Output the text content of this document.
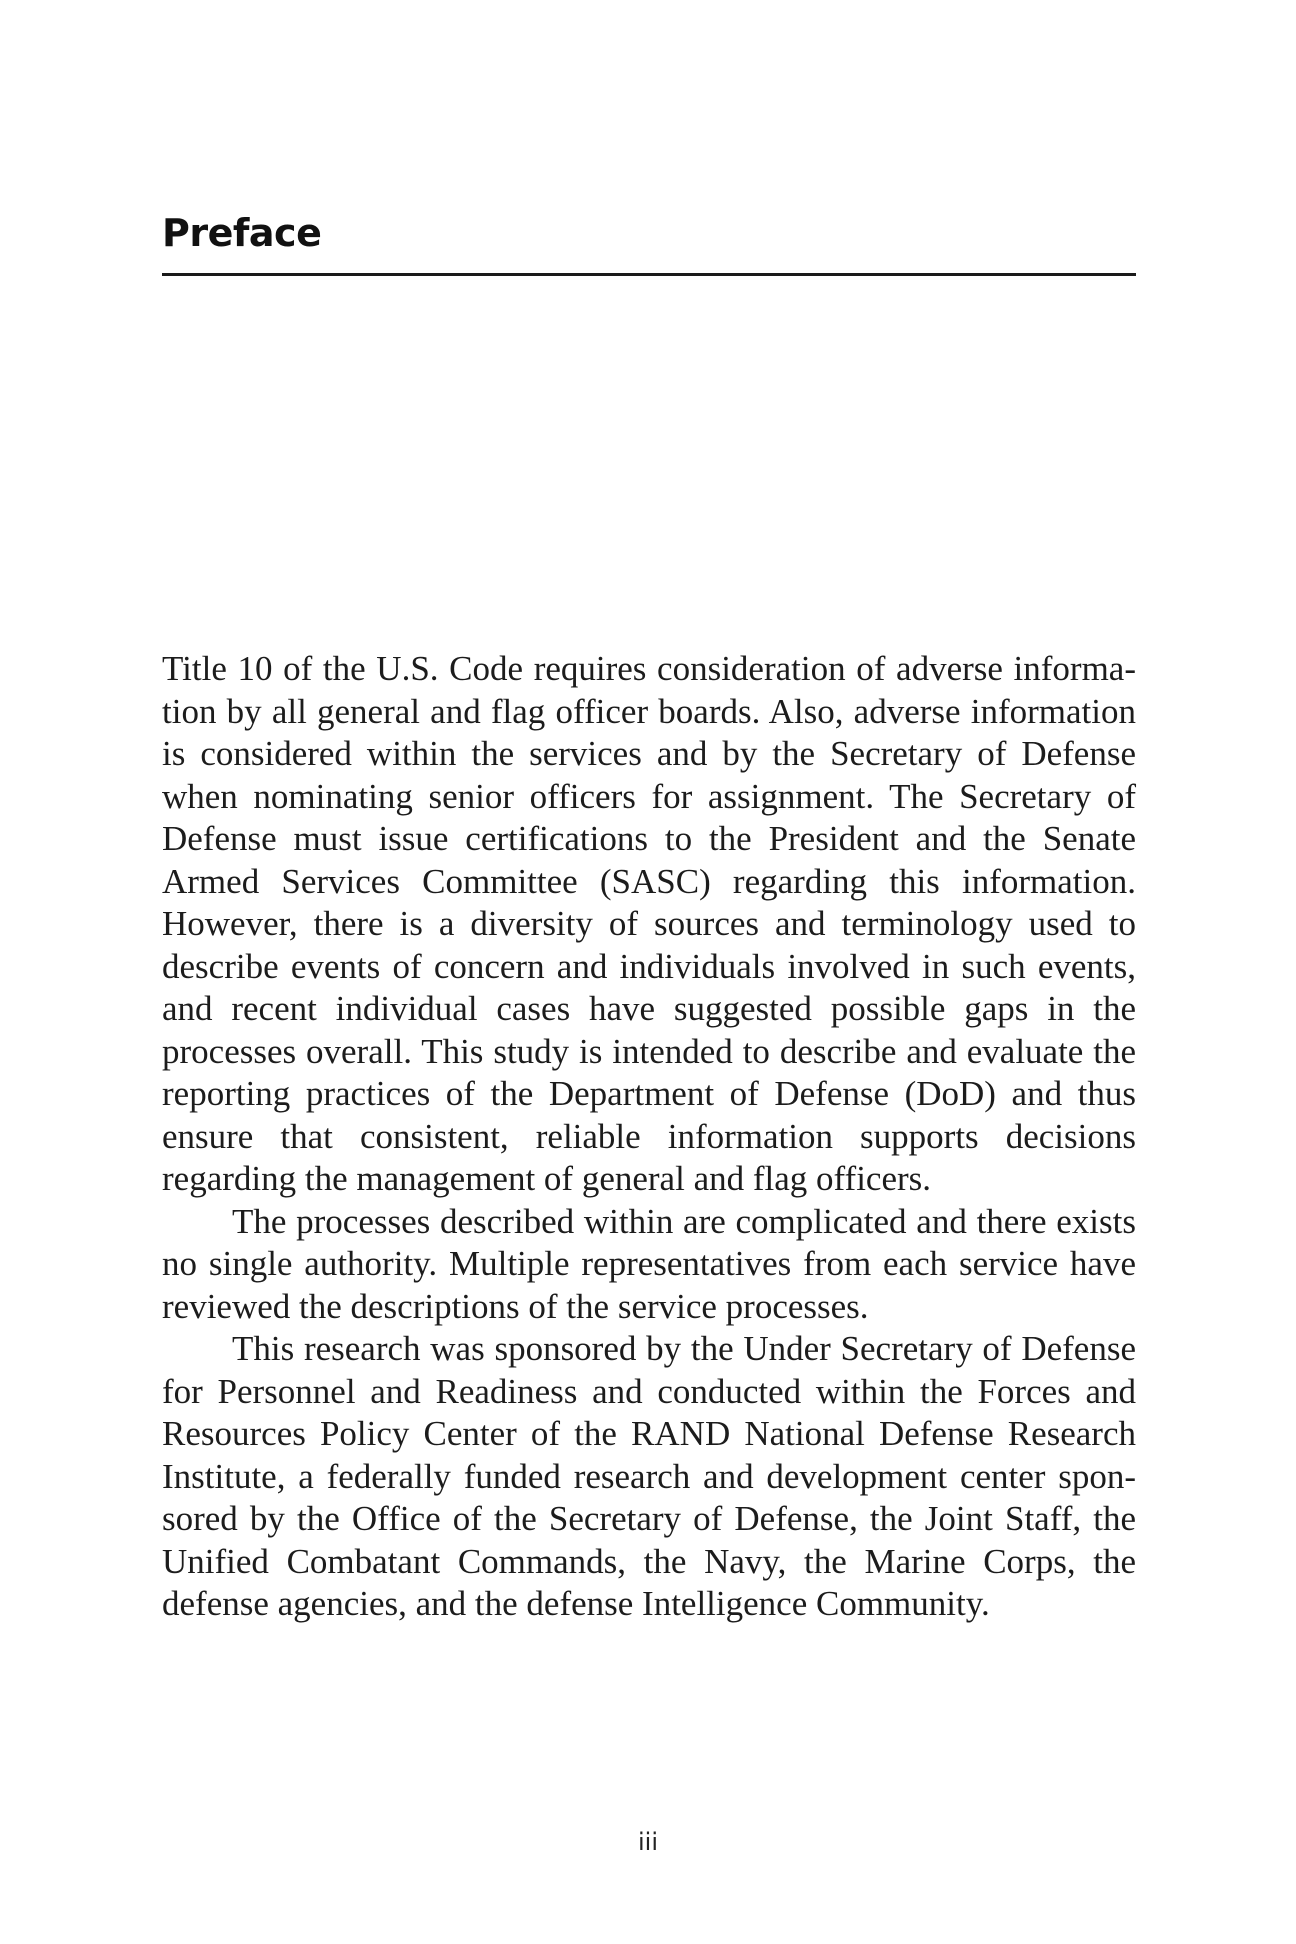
Preface

Title 10 of the U.S. Code requires consideration of adverse information by all general and flag officer boards. Also, adverse information is considered within the services and by the Secretary of Defense when nominating senior officers for assignment. The Secretary of Defense must issue certifications to the President and the Senate Armed Services Committee (SASC) regarding this information. However, there is a diversity of sources and terminology used to describe events of concern and individuals involved in such events, and recent individual cases have suggested possible gaps in the processes overall. This study is intended to describe and evaluate the reporting practices of the Department of Defense (DoD) and thus ensure that consistent, reliable information supports decisions regarding the management of general and flag officers.

The processes described within are complicated and there exists no single authority. Multiple representatives from each service have reviewed the descriptions of the service processes.

This research was sponsored by the Under Secretary of Defense for Personnel and Readiness and conducted within the Forces and Resources Policy Center of the RAND National Defense Research Institute, a federally funded research and development center sponsored by the Office of the Secretary of Defense, the Joint Staff, the Unified Combatant Commands, the Navy, the Marine Corps, the defense agencies, and the defense Intelligence Community.

iii
